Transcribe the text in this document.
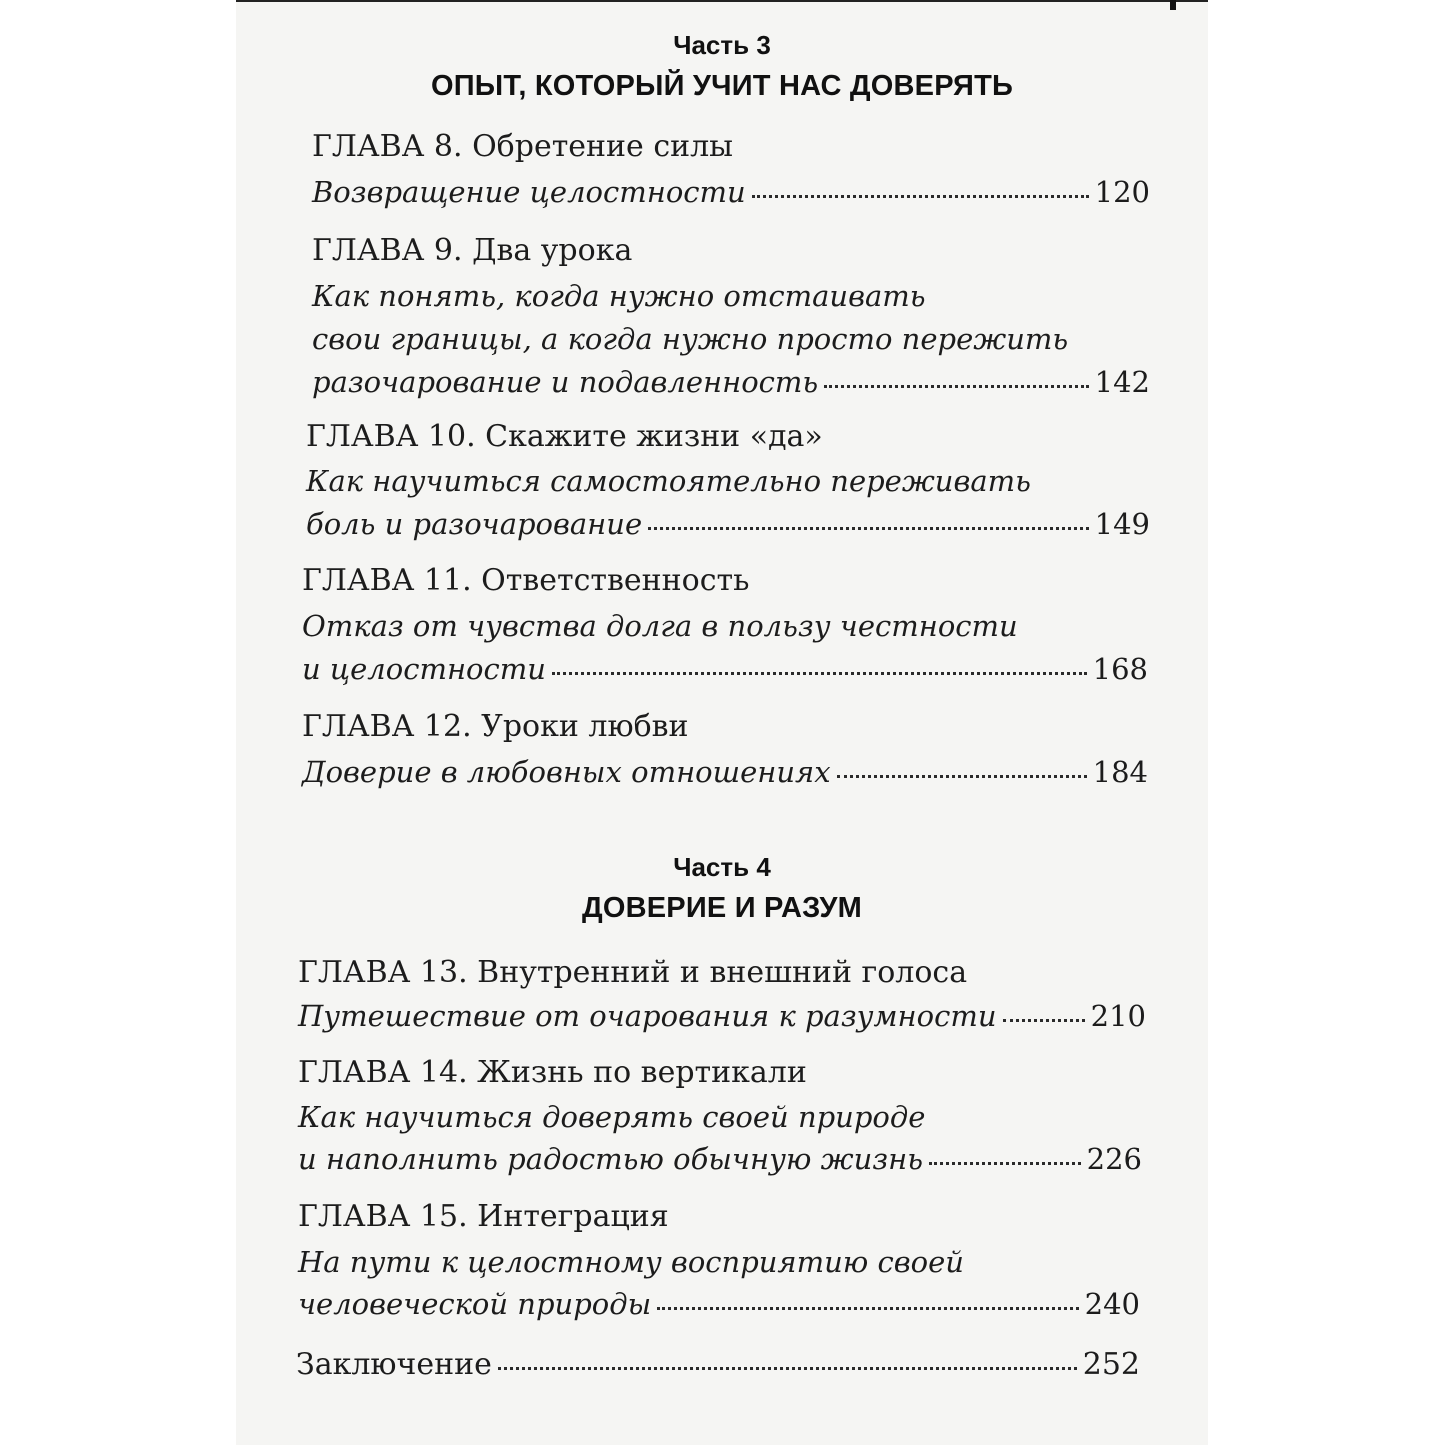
Часть 3
ОПЫТ, КОТОРЫЙ УЧИТ НАС ДОВЕРЯТЬ
ГЛАВА 8. Обретение силы
Возвращение целостности	120
ГЛАВА 9. Два урока
Как понять, когда нужно отстаивать
свои границы, а когда нужно просто пережить
разочарование и подавленность	142
ГЛАВА 10. Скажите жизни «да»
Как научиться самостоятельно переживать
боль и разочарование	149
ГЛАВА 11. Ответственность
Отказ от чувства долга в пользу честности
и целостности	168
ГЛАВА 12. Уроки любви
Доверие в любовных отношениях	184
Часть 4
ДОВЕРИЕ И РАЗУМ
ГЛАВА 13. Внутренний и внешний голоса
Путешествие от очарования к разумности	210
ГЛАВА 14. Жизнь по вертикали
Как научиться доверять своей природе
и наполнить радостью обычную жизнь	226
ГЛАВА 15. Интеграция
На пути к целостному восприятию своей
человеческой природы	240
Заключение	252
